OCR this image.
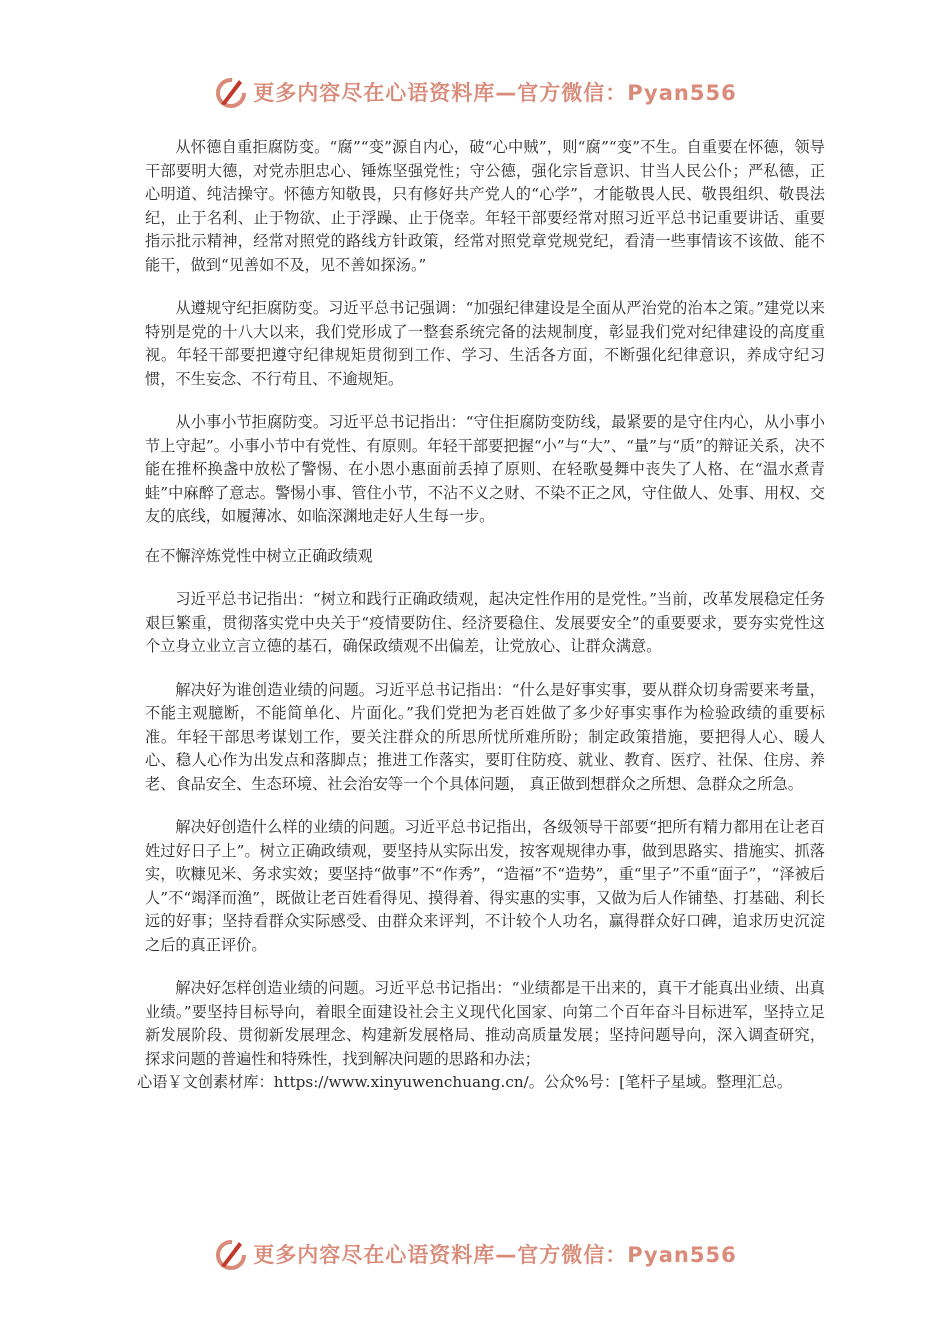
更多内容尽在心语资料库—官方微信：Pyan556

从怀德自重拒腐防变。“腐”“变”源自内心，破“心中贼”，则“腐”“变”不生。自重要在怀德，领导干部要明大德，对党赤胆忠心、锤炼坚强党性；守公德，强化宗旨意识、甘当人民公仆；严私德，正心明道、纯洁操守。怀德方知敬畏，只有修好共产党人的“心学”，才能敬畏人民、敬畏组织、敬畏法纪，止于名利、止于物欲、止于浮躁、止于侥幸。年轻干部要经常对照习近平总书记重要讲话、重要指示批示精神，经常对照党的路线方针政策，经常对照党章党规党纪，看清一些事情该不该做、能不能干，做到“见善如不及，见不善如探汤。”

从遵规守纪拒腐防变。习近平总书记强调：“加强纪律建设是全面从严治党的治本之策。”建党以来特别是党的十八大以来，我们党形成了一整套系统完备的法规制度，彰显我们党对纪律建设的高度重视。年轻干部要把遵守纪律规矩贯彻到工作、学习、生活各方面，不断强化纪律意识，养成守纪习惯，不生妄念、不行苟且、不逾规矩。

从小事小节拒腐防变。习近平总书记指出：“守住拒腐防变防线，最紧要的是守住内心，从小事小节上守起”。小事小节中有党性、有原则。年轻干部要把握“小”与“大”、“量”与“质”的辩证关系，决不能在推杯换盏中放松了警惕、在小恩小惠面前丢掉了原则、在轻歌曼舞中丧失了人格、在“温水煮青蛙”中麻醉了意志。警惕小事、管住小节，不沾不义之财、不染不正之风，守住做人、处事、用权、交友的底线，如履薄冰、如临深渊地走好人生每一步。

在不懈淬炼党性中树立正确政绩观

习近平总书记指出：“树立和践行正确政绩观，起决定性作用的是党性。”当前，改革发展稳定任务艰巨繁重，贯彻落实党中央关于“疫情要防住、经济要稳住、发展要安全”的重要要求，要夯实党性这个立身立业立言立德的基石，确保政绩观不出偏差，让党放心、让群众满意。

解决好为谁创造业绩的问题。习近平总书记指出：“什么是好事实事，要从群众切身需要来考量，不能主观臆断，不能简单化、片面化。”我们党把为老百姓做了多少好事实事作为检验政绩的重要标准。年轻干部思考谋划工作，要关注群众的所思所忧所难所盼；制定政策措施，要把得人心、暖人心、稳人心作为出发点和落脚点；推进工作落实，要盯住防疫、就业、教育、医疗、社保、住房、养老、食品安全、生态环境、社会治安等一个个具体问题， 真正做到想群众之所想、急群众之所急。

解决好创造什么样的业绩的问题。习近平总书记指出，各级领导干部要“把所有精力都用在让老百姓过好日子上”。树立正确政绩观，要坚持从实际出发，按客观规律办事，做到思路实、措施实、抓落实，吹糠见米、务求实效；要坚持“做事”不“作秀”，“造福”不“造势”，重“里子”不重“面子”，“泽被后人”不“竭泽而渔”，既做让老百姓看得见、摸得着、得实惠的实事，又做为后人作铺垫、打基础、利长远的好事；坚持看群众实际感受、由群众来评判，不计较个人功名，赢得群众好口碑，追求历史沉淀之后的真正评价。

解决好怎样创造业绩的问题。习近平总书记指出：“业绩都是干出来的，真干才能真出业绩、出真业绩。”要坚持目标导向，着眼全面建设社会主义现代化国家、向第二个百年奋斗目标进军，坚持立足新发展阶段、贯彻新发展理念、构建新发展格局、推动高质量发展；坚持问题导向，深入调查研究，探求问题的普遍性和特殊性，找到解决问题的思路和办法；

心语￥文创素材库：https://www.xinyuwenchuang.cn/。公众%号：[笔杆子星域。整理汇总。

更多内容尽在心语资料库—官方微信：Pyan556
